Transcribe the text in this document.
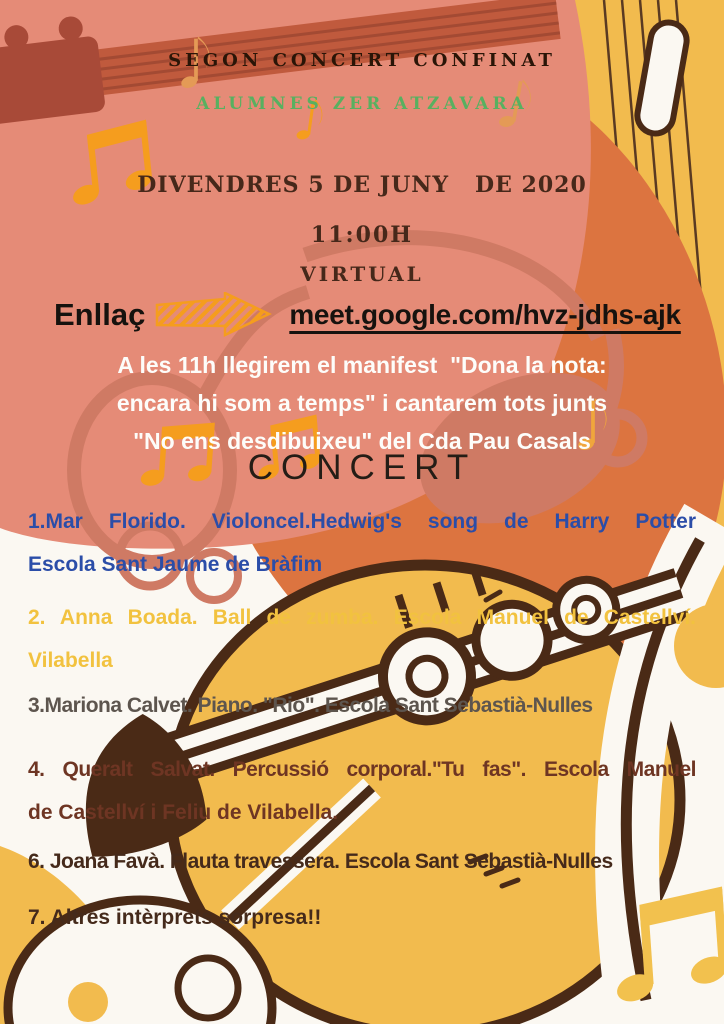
SEGON CONCERT CONFINAT
ALUMNES ZER ATZAVARA
DIVENDRES 5 DE JUNY   DE 2020
11:00H
VIRTUAL
Enllaç	meet.google.com/hvz-jdhs-ajk
A les 11h llegirem el manifest  "Dona la nota:
encara hi som a temps" i cantarem tots junts
"No ens desdibuixeu" del Cda Pau Casals
CONCERT
1.Mar Florido. Violoncel.Hedwig's song de Harry Potter
Escola Sant Jaume de Bràfim
2. Anna Boada. Ball de zumba. Escola Manuel de Castellví.
Vilabella
3.Mariona Calvet. Piano. "Rio". Escola Sant Sebastià-Nulles
4. Queralt Salvat. Percussió corporal."Tu fas". Escola Manuel
de Castellví i Feliu de Vilabella.
6. Joana Favà. Flauta travessera. Escola Sant Sebastià-Nulles
7. Altres intèrprets sorpresa!!
